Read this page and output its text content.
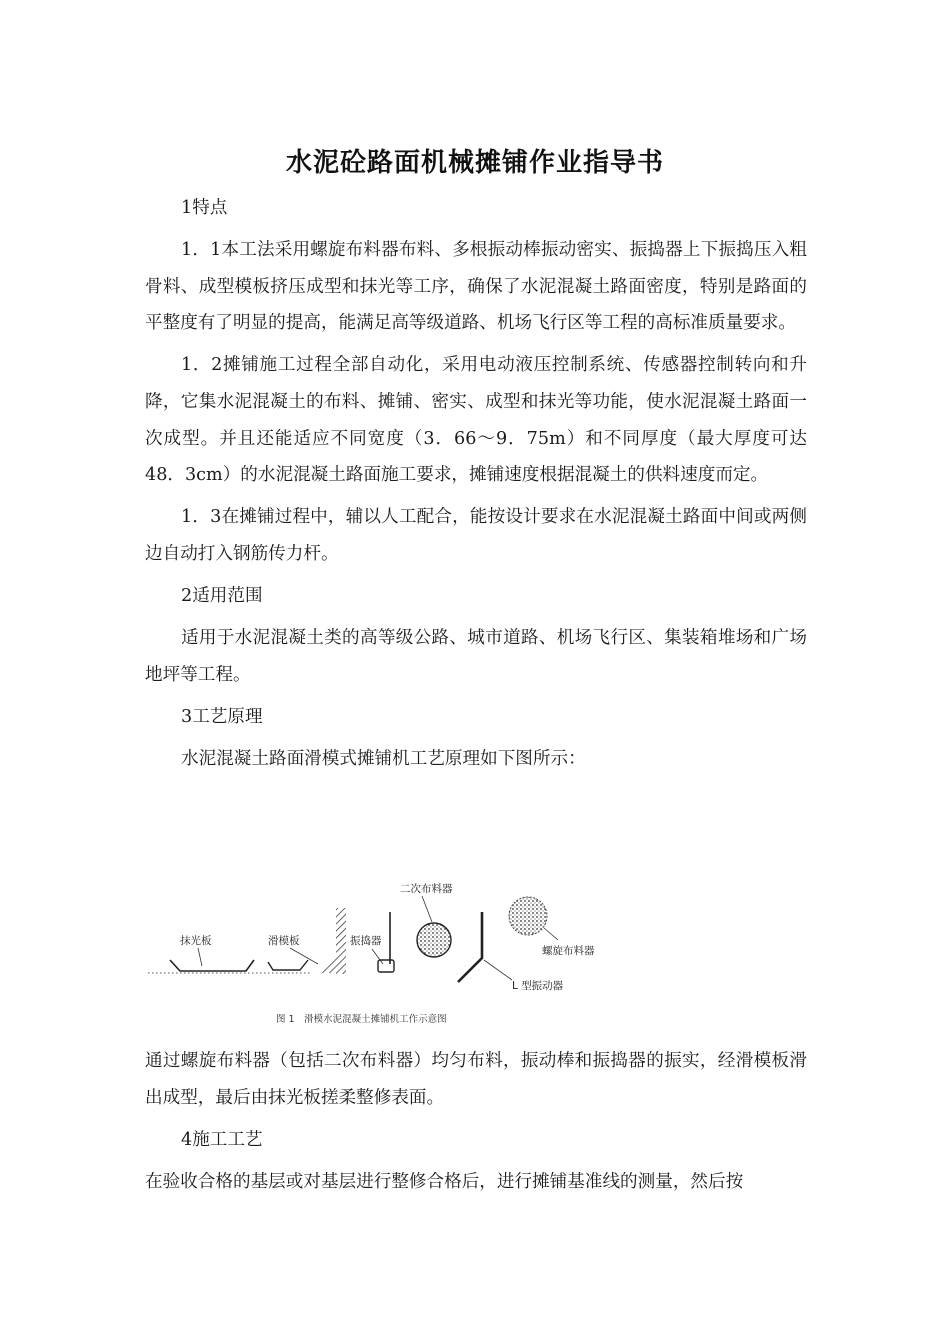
水泥砼路面机械摊铺作业指导书

1特点

1．1本工法采用螺旋布料器布料、多根振动棒振动密实、振捣器上下振捣压入粗骨料、成型模板挤压成型和抹光等工序，确保了水泥混凝土路面密度，特别是路面的平整度有了明显的提高，能满足高等级道路、机场飞行区等工程的高标准质量要求。

1．2摊铺施工过程全部自动化，采用电动液压控制系统、传感器控制转向和升降，它集水泥混凝土的布料、摊铺、密实、成型和抹光等功能，使水泥混凝土路面一次成型。并且还能适应不同宽度（3．66～9．75m）和不同厚度（最大厚度可达48．3cm）的水泥混凝土路面施工要求，摊铺速度根据混凝土的供料速度而定。

1．3在摊铺过程中，辅以人工配合，能按设计要求在水泥混凝土路面中间或两侧边自动打入钢筋传力杆。

2适用范围

适用于水泥混凝土类的高等级公路、城市道路、机场飞行区、集装箱堆场和广场地坪等工程。

3工艺原理

水泥混凝土路面滑模式摊铺机工艺原理如下图所示：

抹光板	滑模板	振捣器
二次布料器
L 型振动器
螺旋布料器
图 1　滑模水泥混凝土摊铺机工作示意图

通过螺旋布料器（包括二次布料器）均匀布料，振动棒和振捣器的振实，经滑模板滑出成型，最后由抹光板搓柔整修表面。

4施工工艺

在验收合格的基层或对基层进行整修合格后，进行摊铺基准线的测量，然后按
